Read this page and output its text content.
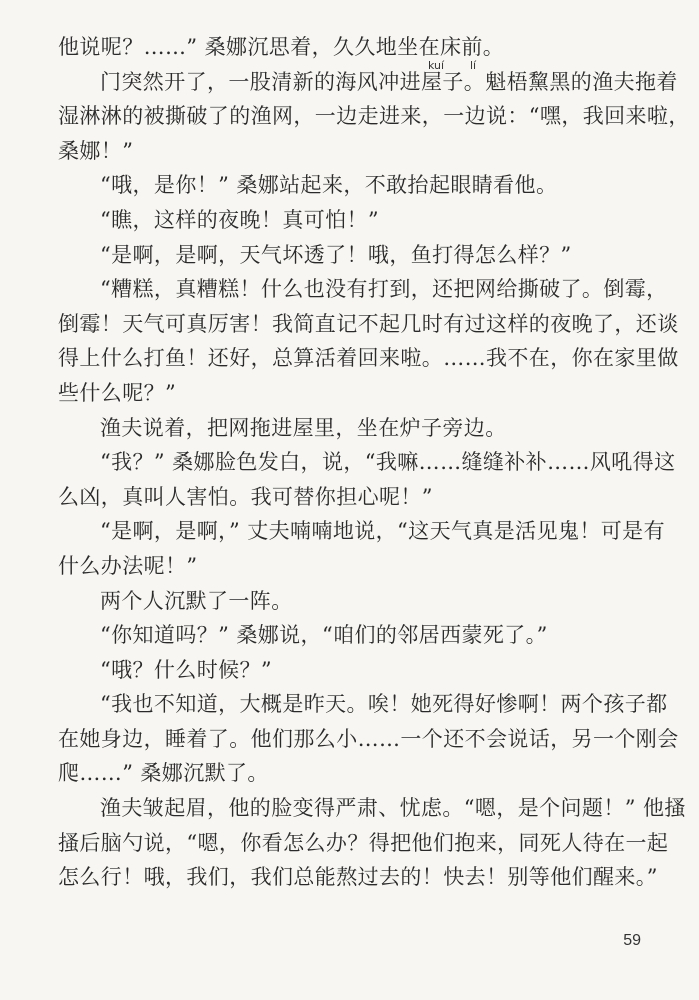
他说呢？……” 桑娜沉思着，久久地坐在床前。
门突然开了，一股清新的海风冲进屋子。魁梧黧黑的渔夫拖着
湿淋淋的被撕破了的渔网，一边走进来，一边说：“嘿，我回来啦，
桑娜！”
“哦，是你！” 桑娜站起来，不敢抬起眼睛看他。
“瞧，这样的夜晚！真可怕！”
“是啊，是啊，天气坏透了！哦，鱼打得怎么样？”
“糟糕，真糟糕！什么也没有打到，还把网给撕破了。倒霉，
倒霉！天气可真厉害！我简直记不起几时有过这样的夜晚了，还谈
得上什么打鱼！还好，总算活着回来啦。……我不在，你在家里做
些什么呢？”
渔夫说着，把网拖进屋里，坐在炉子旁边。
“我？” 桑娜脸色发白，说，“我嘛……缝缝补补……风吼得这
么凶，真叫人害怕。我可替你担心呢！”
“是啊，是啊，” 丈夫喃喃地说，“这天气真是活见鬼！可是有
什么办法呢！”
两个人沉默了一阵。
“你知道吗？” 桑娜说，“咱们的邻居西蒙死了。”
“哦？什么时候？”
“我也不知道，大概是昨天。唉！她死得好惨啊！两个孩子都
在她身边，睡着了。他们那么小……一个还不会说话，另一个刚会
爬……” 桑娜沉默了。
渔夫皱起眉，他的脸变得严肃、忧虑。“嗯，是个问题！” 他搔
搔后脑勺说，“嗯，你看怎么办？得把他们抱来，同死人待在一起
怎么行！哦，我们，我们总能熬过去的！快去！别等他们醒来。”
kuí lí
59
